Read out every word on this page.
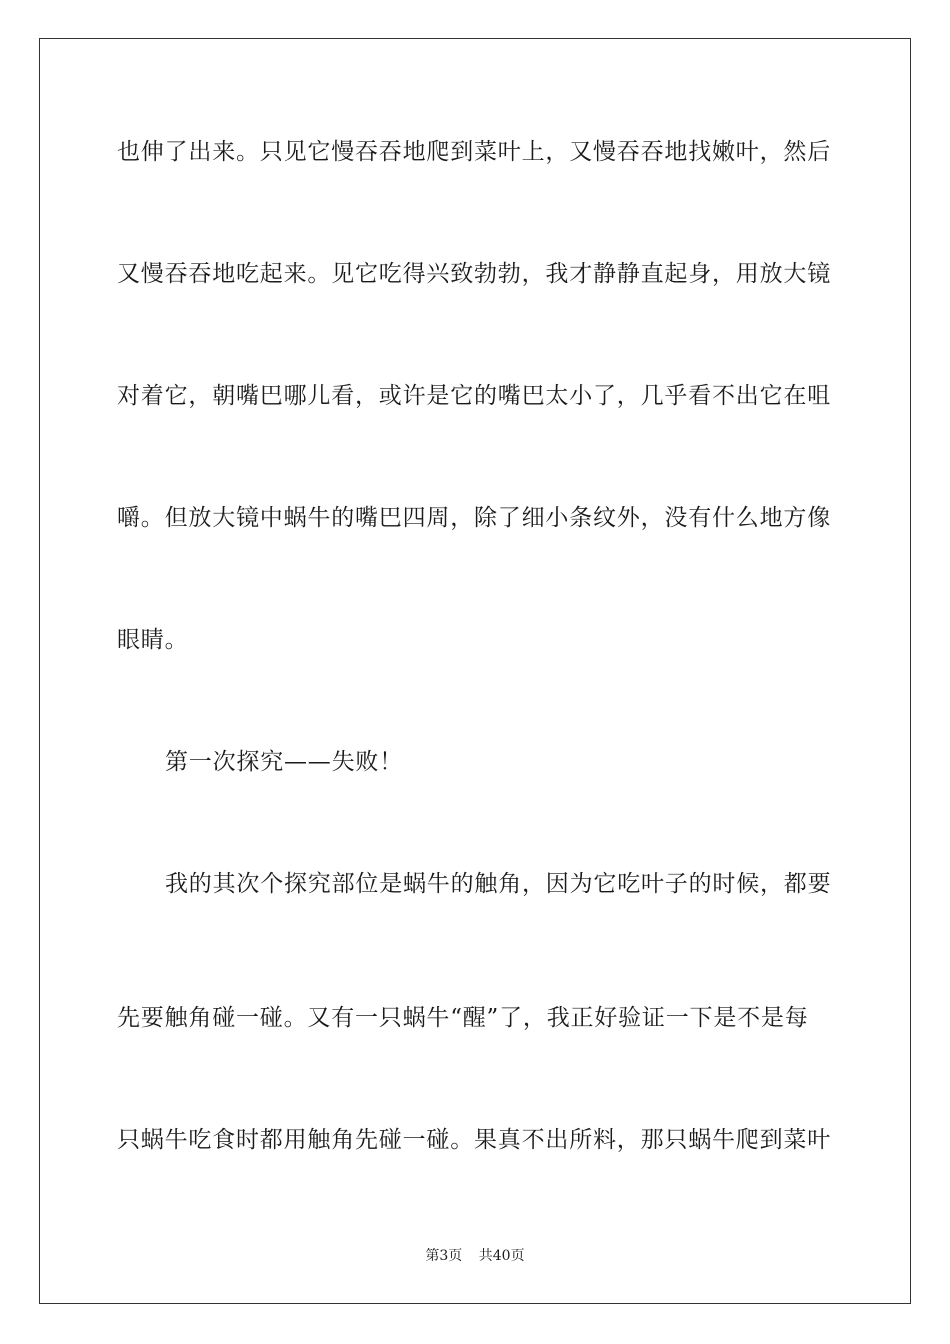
也伸了出来。只见它慢吞吞地爬到菜叶上，又慢吞吞地找嫩叶，然后
又慢吞吞地吃起来。见它吃得兴致勃勃，我才静静直起身，用放大镜
对着它，朝嘴巴哪儿看，或许是它的嘴巴太小了，几乎看不出它在咀
嚼。但放大镜中蜗牛的嘴巴四周，除了细小条纹外，没有什么地方像
眼睛。
第一次探究——失败！
我的其次个探究部位是蜗牛的触角，因为它吃叶子的时候，都要
先要触角碰一碰。又有一只蜗牛“醒”了，我正好验证一下是不是每
只蜗牛吃食时都用触角先碰一碰。果真不出所料，那只蜗牛爬到菜叶
第3页 共40页
